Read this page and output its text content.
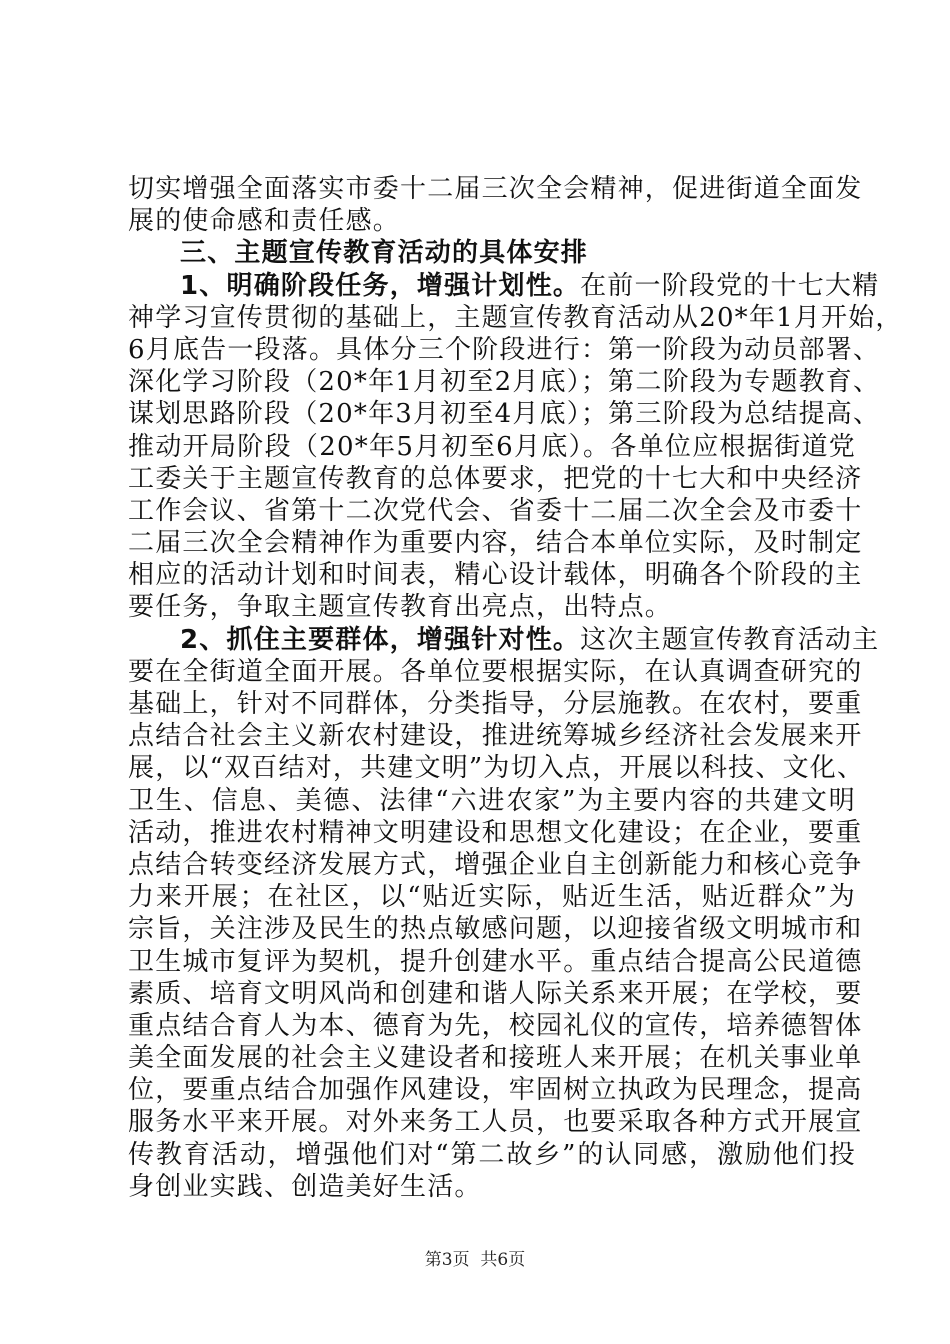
切实增强全面落实市委十二届三次全会精神，促进街道全面发
展的使命感和责任感。
三、主题宣传教育活动的具体安排
1、明确阶段任务，增强计划性。在前一阶段党的十七大精
神学习宣传贯彻的基础上，主题宣传教育活动从20*年1月开始，
6月底告一段落。具体分三个阶段进行：第一阶段为动员部署、
深化学习阶段（20*年1月初至2月底）；第二阶段为专题教育、
谋划思路阶段（20*年3月初至4月底）；第三阶段为总结提高、
推动开局阶段（20*年5月初至6月底）。各单位应根据街道党
工委关于主题宣传教育的总体要求，把党的十七大和中央经济
工作会议、省第十二次党代会、省委十二届二次全会及市委十
二届三次全会精神作为重要内容，结合本单位实际，及时制定
相应的活动计划和时间表，精心设计载体，明确各个阶段的主
要任务，争取主题宣传教育出亮点，出特点。
2、抓住主要群体，增强针对性。这次主题宣传教育活动主
要在全街道全面开展。各单位要根据实际，在认真调查研究的
基础上，针对不同群体，分类指导，分层施教。在农村，要重
点结合社会主义新农村建设，推进统筹城乡经济社会发展来开
展，以“双百结对，共建文明”为切入点，开展以科技、文化、
卫生、信息、美德、法律“六进农家”为主要内容的共建文明
活动，推进农村精神文明建设和思想文化建设；在企业，要重
点结合转变经济发展方式，增强企业自主创新能力和核心竞争
力来开展；在社区，以“贴近实际，贴近生活，贴近群众”为
宗旨，关注涉及民生的热点敏感问题，以迎接省级文明城市和
卫生城市复评为契机，提升创建水平。重点结合提高公民道德
素质、培育文明风尚和创建和谐人际关系来开展；在学校，要
重点结合育人为本、德育为先，校园礼仪的宣传，培养德智体
美全面发展的社会主义建设者和接班人来开展；在机关事业单
位，要重点结合加强作风建设，牢固树立执政为民理念，提高
服务水平来开展。对外来务工人员，也要采取各种方式开展宣
传教育活动，增强他们对“第二故乡”的认同感，激励他们投
身创业实践、创造美好生活。
第3页  共6页
